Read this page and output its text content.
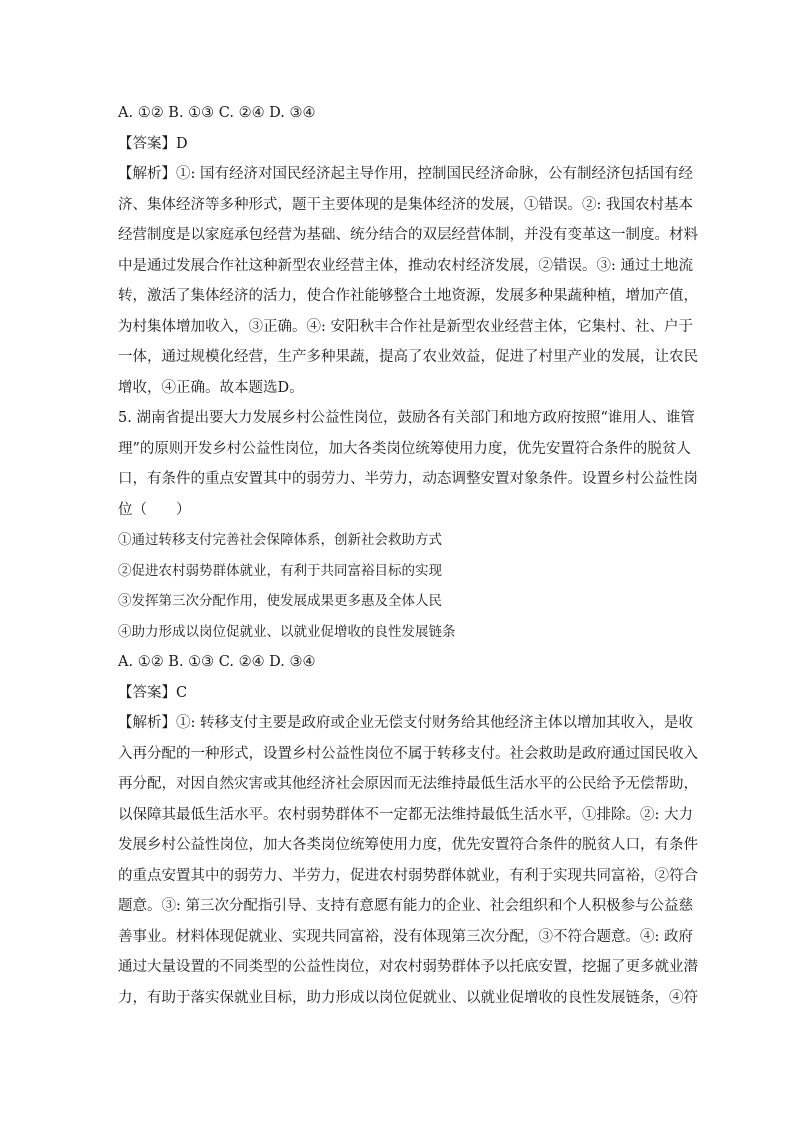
A. ①② B. ①③ C. ②④ D. ③④
【答案】D
【解析】①: 国有经济对国民经济起主导作用，控制国民经济命脉，公有制经济包括国有经
济、集体经济等多种形式，题干主要体现的是集体经济的发展，①错误。②: 我国农村基本
经营制度是以家庭承包经营为基础、统分结合的双层经营体制，并没有变革这一制度。材料
中是通过发展合作社这种新型农业经营主体，推动农村经济发展，②错误。③: 通过土地流
转，激活了集体经济的活力，使合作社能够整合土地资源，发展多种果蔬种植，增加产值，
为村集体增加收入，③正确。④: 安阳秋丰合作社是新型农业经营主体，它集村、社、户于
一体，通过规模化经营，生产多种果蔬，提高了农业效益，促进了村里产业的发展，让农民
增收，④正确。故本题选D。
5. 湖南省提出要大力发展乡村公益性岗位，鼓励各有关部门和地方政府按照“谁用人、谁管
理”的原则开发乡村公益性岗位，加大各类岗位统筹使用力度，优先安置符合条件的脱贫人
口，有条件的重点安置其中的弱劳力、半劳力，动态调整安置对象条件。设置乡村公益性岗
位（　　）
①通过转移支付完善社会保障体系，创新社会救助方式
②促进农村弱势群体就业，有利于共同富裕目标的实现
③发挥第三次分配作用，使发展成果更多惠及全体人民
④助力形成以岗位促就业、以就业促增收的良性发展链条
A. ①② B. ①③ C. ②④ D. ③④
【答案】C
【解析】①: 转移支付主要是政府或企业无偿支付财务给其他经济主体以增加其收入，是收
入再分配的一种形式，设置乡村公益性岗位不属于转移支付。社会救助是政府通过国民收入
再分配，对因自然灾害或其他经济社会原因而无法维持最低生活水平的公民给予无偿帮助，
以保障其最低生活水平。农村弱势群体不一定都无法维持最低生活水平，①排除。②: 大力
发展乡村公益性岗位，加大各类岗位统筹使用力度，优先安置符合条件的脱贫人口，有条件
的重点安置其中的弱劳力、半劳力，促进农村弱势群体就业，有利于实现共同富裕，②符合
题意。③: 第三次分配指引导、支持有意愿有能力的企业、社会组织和个人积极参与公益慈
善事业。材料体现促就业、实现共同富裕，没有体现第三次分配，③不符合题意。④: 政府
通过大量设置的不同类型的公益性岗位，对农村弱势群体予以托底安置，挖掘了更多就业潜
力，有助于落实保就业目标，助力形成以岗位促就业、以就业促增收的良性发展链条，④符
